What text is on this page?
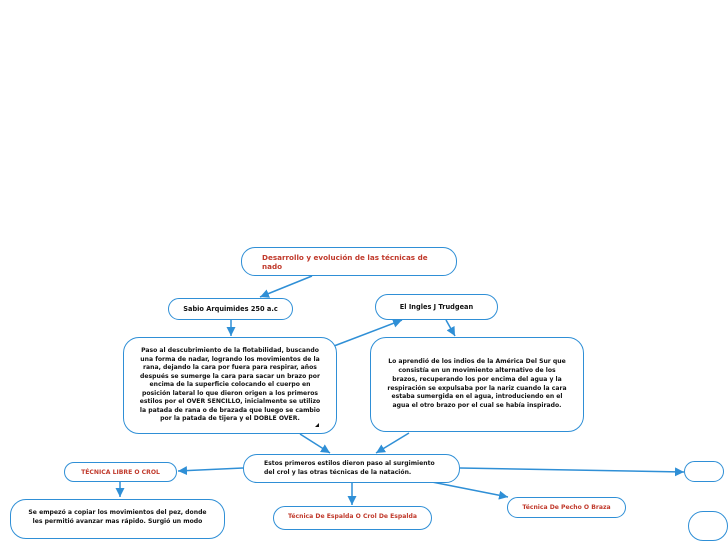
Desarrollo y evolución de las técnicas de nado
Sabio Arquimides 250 a.c	El Ingles J Trudgean
Paso al descubrimiento de la flotabilidad, buscando una forma de nadar, logrando los movimientos de la rana, dejando la cara por fuera para respirar, años después se sumerge la cara para sacar un brazo por encima de la superficie colocando el cuerpo en posición lateral lo que dieron origen a los primeros estilos por el OVER SENCILLO, inicialmente se utilizo la patada de rana o de brazada que luego se cambio por la patada de tijera y el DOBLE OVER.
Lo aprendió de los indios de la América Del Sur que consistía en un movimiento alternativo de los brazos, recuperando los por encima del agua y la respiración se expulsaba por la nariz cuando la cara estaba sumergida en el agua, introduciendo en el agua el otro brazo por el cual se había inspirado.
Estos primeros estilos dieron paso al surgimiento del crol y las otras técnicas de la natación.
TÉCNICA LIBRE O CROL
Técnica De Pecho O Braza
Técnica De Espalda O Crol De Espalda
Se empezó a copiar los movimientos del pez, donde les permitió avanzar mas rápido. Surgió un modo
